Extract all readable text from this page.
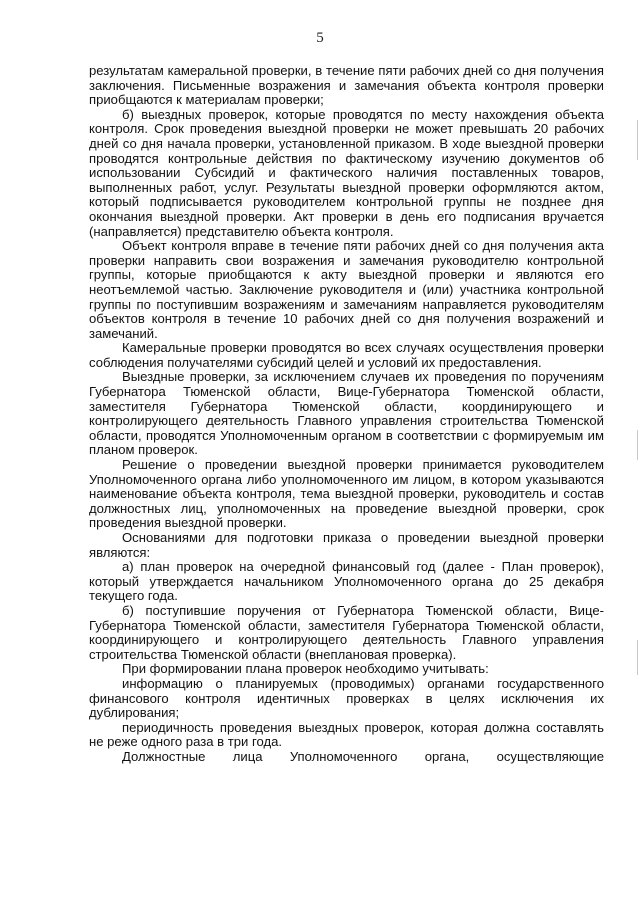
5

результатам камеральной проверки, в течение пяти рабочих дней со дня получения заключения. Письменные возражения и замечания объекта контроля проверки приобщаются к материалам проверки;

б) выездных проверок, которые проводятся по месту нахождения объекта контроля. Срок проведения выездной проверки не может превышать 20 рабочих дней со дня начала проверки, установленной приказом. В ходе выездной проверки проводятся контрольные действия по фактическому изучению документов об использовании Субсидий и фактического наличия поставленных товаров, выполненных работ, услуг. Результаты выездной проверки оформляются актом, который подписывается руководителем контрольной группы не позднее дня окончания выездной проверки. Акт проверки в день его подписания вручается (направляется) представителю объекта контроля.

Объект контроля вправе в течение пяти рабочих дней со дня получения акта проверки направить свои возражения и замечания руководителю контрольной группы, которые приобщаются к акту выездной проверки и являются его неотъемлемой частью. Заключение руководителя и (или) участника контрольной группы по поступившим возражениям и замечаниям направляется руководителям объектов контроля в течение 10 рабочих дней со дня получения возражений и замечаний.

Камеральные проверки проводятся во всех случаях осуществления проверки соблюдения получателями субсидий целей и условий их предоставления.

Выездные проверки, за исключением случаев их проведения по поручениям Губернатора Тюменской области, Вице-Губернатора Тюменской области, заместителя Губернатора Тюменской области, координирующего и контролирующего деятельность Главного управления строительства Тюменской области, проводятся Уполномоченным органом в соответствии с формируемым им планом проверок.

Решение о проведении выездной проверки принимается руководителем Уполномоченного органа либо уполномоченного им лицом, в котором указываются наименование объекта контроля, тема выездной проверки, руководитель и состав должностных лиц, уполномоченных на проведение выездной проверки, срок проведения выездной проверки.

Основаниями для подготовки приказа о проведении выездной проверки являются:

а) план проверок на очередной финансовый год (далее - План проверок), который утверждается начальником Уполномоченного органа до 25 декабря текущего года.

б) поступившие поручения от Губернатора Тюменской области, Вице-Губернатора Тюменской области, заместителя Губернатора Тюменской области, координирующего и контролирующего деятельность Главного управления строительства Тюменской области (внеплановая проверка).

При формировании плана проверок необходимо учитывать:

информацию о планируемых (проводимых) органами государственного финансового контроля идентичных проверках в целях исключения их дублирования;

периодичность проведения выездных проверок, которая должна составлять не реже одного раза в три года.

Должностные лица Уполномоченного органа, осуществляющие
